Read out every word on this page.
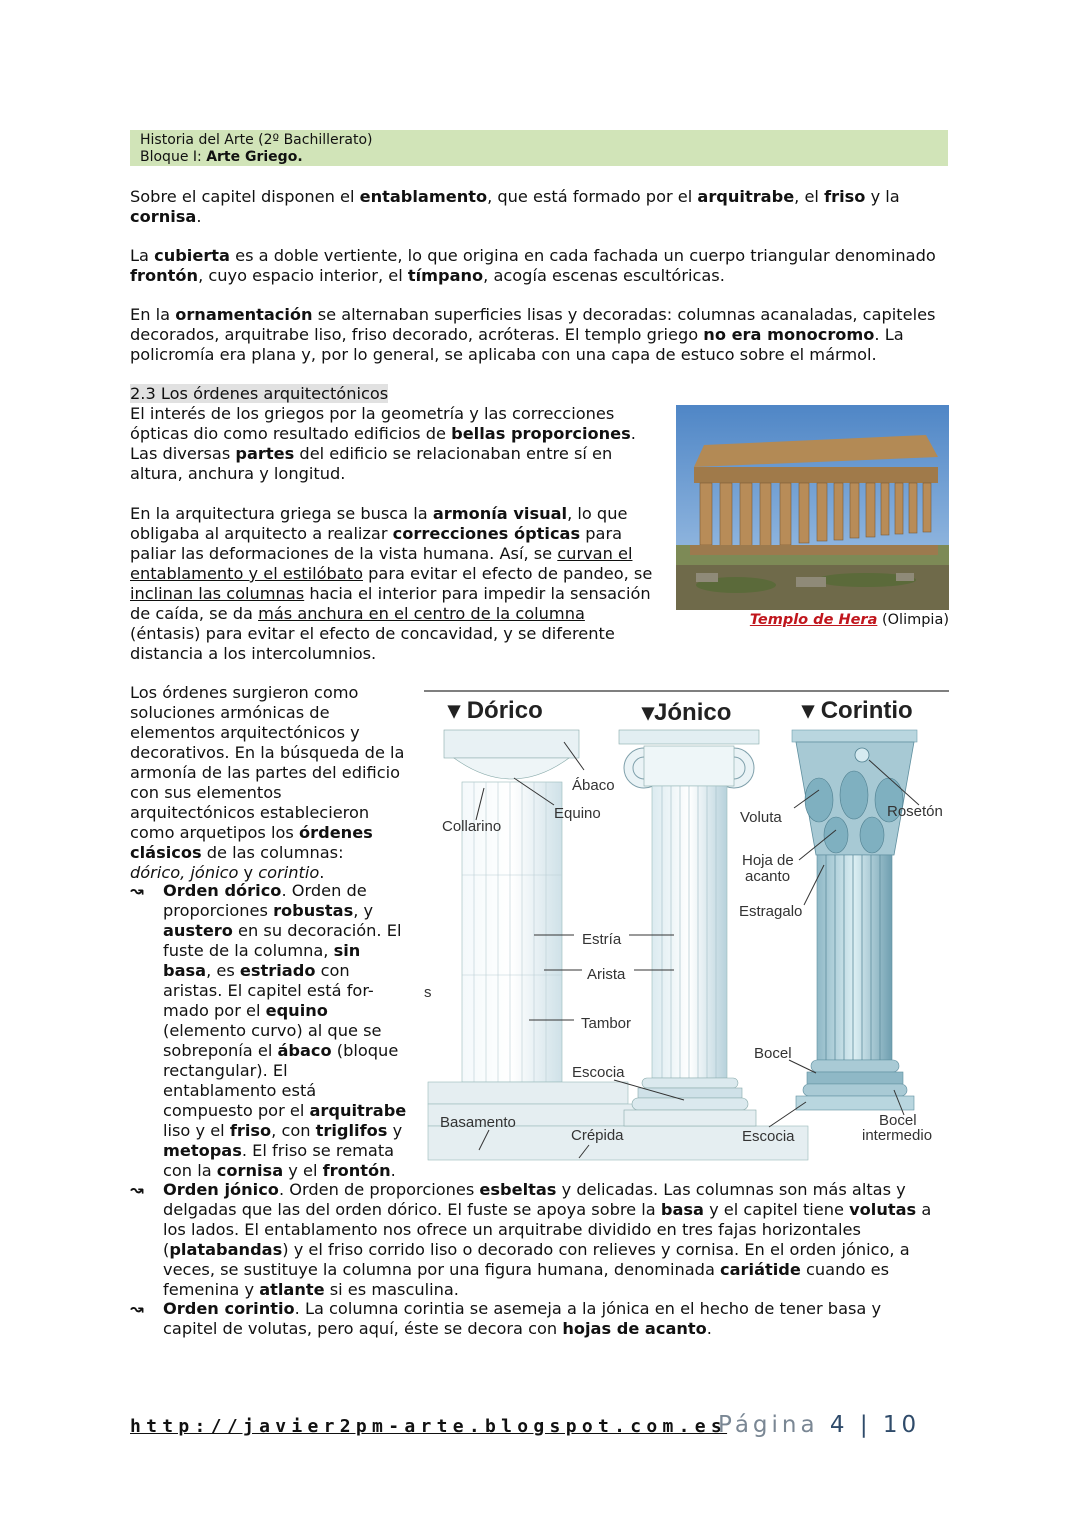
Historia del Arte (2º Bachillerato)
Bloque I: Arte Griego.
Sobre el capitel disponen el entablamento, que está formado por el arquitrabe, el friso y la
cornisa.
La cubierta es a doble vertiente, lo que origina en cada fachada un cuerpo triangular denominado
frontón, cuyo espacio interior, el tímpano, acogía escenas escultóricas.
En la ornamentación se alternaban superficies lisas y decoradas: columnas acanaladas, capiteles
decorados, arquitrabe liso, friso decorado, acróteras. El templo griego no era monocromo. La
policromía era plana y, por lo general, se aplicaba con una capa de estuco sobre el mármol.
2.3 Los órdenes arquitectónicos
El interés de los griegos por la geometría y las correcciones
ópticas dio como resultado edificios de bellas proporciones.
Las diversas partes del edificio se relacionaban entre sí en
altura, anchura y longitud.
En la arquitectura griega se busca la armonía visual, lo que
obligaba al arquitecto a realizar correcciones ópticas para
paliar las deformaciones de la vista humana. Así, se curvan el
entablamento y el estilóbato para evitar el efecto de pandeo, se
inclinan las columnas hacia el interior para impedir la sensación
de caída, se da más anchura en el centro de la columna
(éntasis) para evitar el efecto de concavidad, y se diferente
distancia a los intercolumnios.
Templo de Hera (Olimpia)
Los órdenes surgieron como
soluciones armónicas de
elementos arquitectónicos y
decorativos. En la búsqueda de la
armonía de las partes del edificio
con sus elementos
arquitectónicos establecieron
como arquetipos los órdenes
clásicos de las columnas:
dórico, jónico y corintio.
↝ Orden dórico. Orden de
proporciones robustas, y
austero en su decoración. El
fuste de la columna, sin
basa, es estriado con
aristas. El capitel está for-
mado por el equino
(elemento curvo) al que se
sobreponía el ábaco (bloque
rectangular). El
entablamento está
compuesto por el arquitrabe
liso y el friso, con triglifos y
metopas. El friso se remata
con la cornisa y el frontón.
↝ Orden jónico. Orden de proporciones esbeltas y delicadas. Las columnas son más altas y
delgadas que las del orden dórico. El fuste se apoya sobre la basa y el capitel tiene volutas a
los lados. El entablamento nos ofrece un arquitrabe dividido en tres fajas horizontales
(platabandas) y el friso corrido liso o decorado con relieves y cornisa. En el orden jónico, a
veces, se sustituye la columna por una figura humana, denominada cariátide cuando es
femenina y atlante si es masculina.
↝ Orden corintio. La columna corintia se asemeja a la jónica en el hecho de tener basa y
capitel de volutas, pero aquí, éste se decora con hojas de acanto.
▾ Dórico	▾Jónico	▾ Corintio
Ábaco
Equino
Collarino
Voluta	Rosetón
Hoja de
acanto
Estragalo
Estría
Arista
Tambor
Bocel
Escocia
Basamento
Crépida	Escocia
Bocel
intermedio
s
http://javier2pm-arte.blogspot.com.es
Página 4 | 10
